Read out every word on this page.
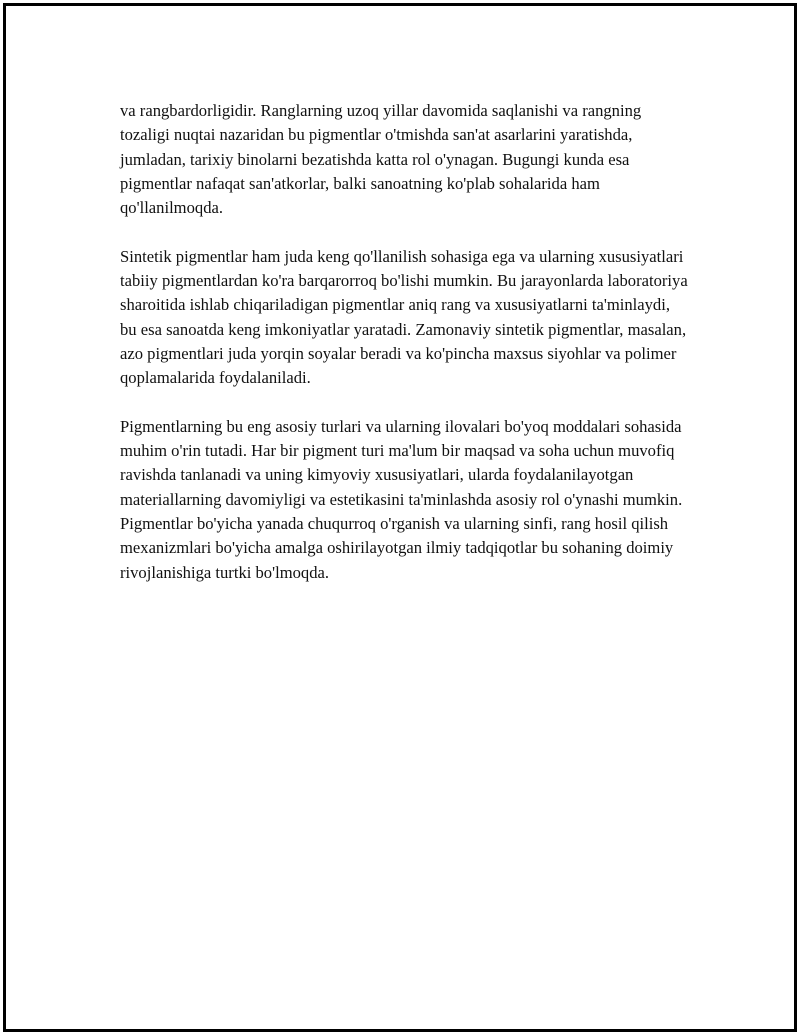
va rangbardorligidir. Ranglarning uzoq yillar davomida saqlanishi va rangning tozaligi nuqtai nazaridan bu pigmentlar o'tmishda san'at asarlarini yaratishda, jumladan, tarixiy binolarni bezatishda katta rol o'ynagan. Bugungi kunda esa pigmentlar nafaqat san'atkorlar, balki sanoatning ko'plab sohalarida ham qo'llanilmoqda.

Sintetik pigmentlar ham juda keng qo'llanilish sohasiga ega va ularning xususiyatlari tabiiy pigmentlardan ko'ra barqarorroq bo'lishi mumkin. Bu jarayonlarda laboratoriya sharoitida ishlab chiqariladigan pigmentlar aniq rang va xususiyatlarni ta'minlaydi, bu esa sanoatda keng imkoniyatlar yaratadi. Zamonaviy sintetik pigmentlar, masalan, azo pigmentlari juda yorqin soyalar beradi va ko'pincha maxsus siyohlar va polimer qoplamalarida foydalaniladi.

Pigmentlarning bu eng asosiy turlari va ularning ilovalari bo'yoq moddalari sohasida muhim o'rin tutadi. Har bir pigment turi ma'lum bir maqsad va soha uchun muvofiq ravishda tanlanadi va uning kimyoviy xususiyatlari, ularda foydalanilayotgan materiallarning davomiyligi va estetikasini ta'minlashda asosiy rol o'ynashi mumkin. Pigmentlar bo'yicha yanada chuqurroq o'rganish va ularning sinfi, rang hosil qilish mexanizmlari bo'yicha amalga oshirilayotgan ilmiy tadqiqotlar bu sohaning doimiy rivojlanishiga turtki bo'lmoqda.
